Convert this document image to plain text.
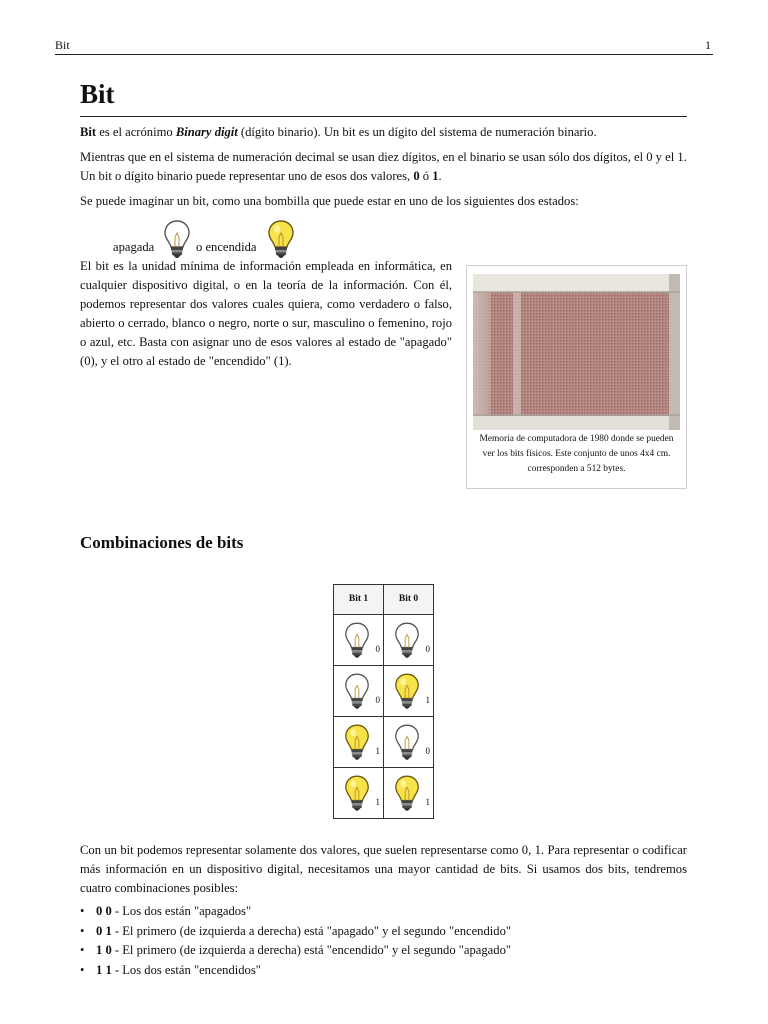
Bit	1
Bit

Bit es el acrónimo Binary digit (dígito binario). Un bit es un dígito del sistema de numeración binario.

Mientras que en el sistema de numeración decimal se usan diez dígitos, en el binario se usan sólo dos dígitos, el 0 y el 1. Un bit o dígito binario puede representar uno de esos dos valores, 0 ó 1.

Se puede imaginar un bit, como una bombilla que puede estar en uno de los siguientes dos estados:

apagada	o encendida

El bit es la unidad mínima de información empleada en informática, en cualquier dispositivo digital, o en la teoría de la información. Con él, podemos representar dos valores cuales quiera, como verdadero o falso, abierto o cerrado, blanco o negro, norte o sur, masculino o femenino, rojo o azul, etc. Basta con asignar uno de esos valores al estado de "apagado" (0), y el otro al estado de "encendido" (1).

Memoria de computadora de 1980 donde se pueden ver los bits físicos. Este conjunto de unos 4x4 cm. corresponden a 512 bytes.
Combinaciones de bits
Bit 1	Bit 0

0	0

0	1

1	0

1	1

Con un bit podemos representar solamente dos valores, que suelen representarse como 0, 1. Para representar o codificar más información en un dispositivo digital, necesitamos una mayor cantidad de bits. Si usamos dos bits, tendremos cuatro combinaciones posibles:

• 0 0 - Los dos están "apagados"
• 0 1 - El primero (de izquierda a derecha) está "apagado" y el segundo "encendido"
• 1 0 - El primero (de izquierda a derecha) está "encendido" y el segundo "apagado"
• 1 1 - Los dos están "encendidos"
